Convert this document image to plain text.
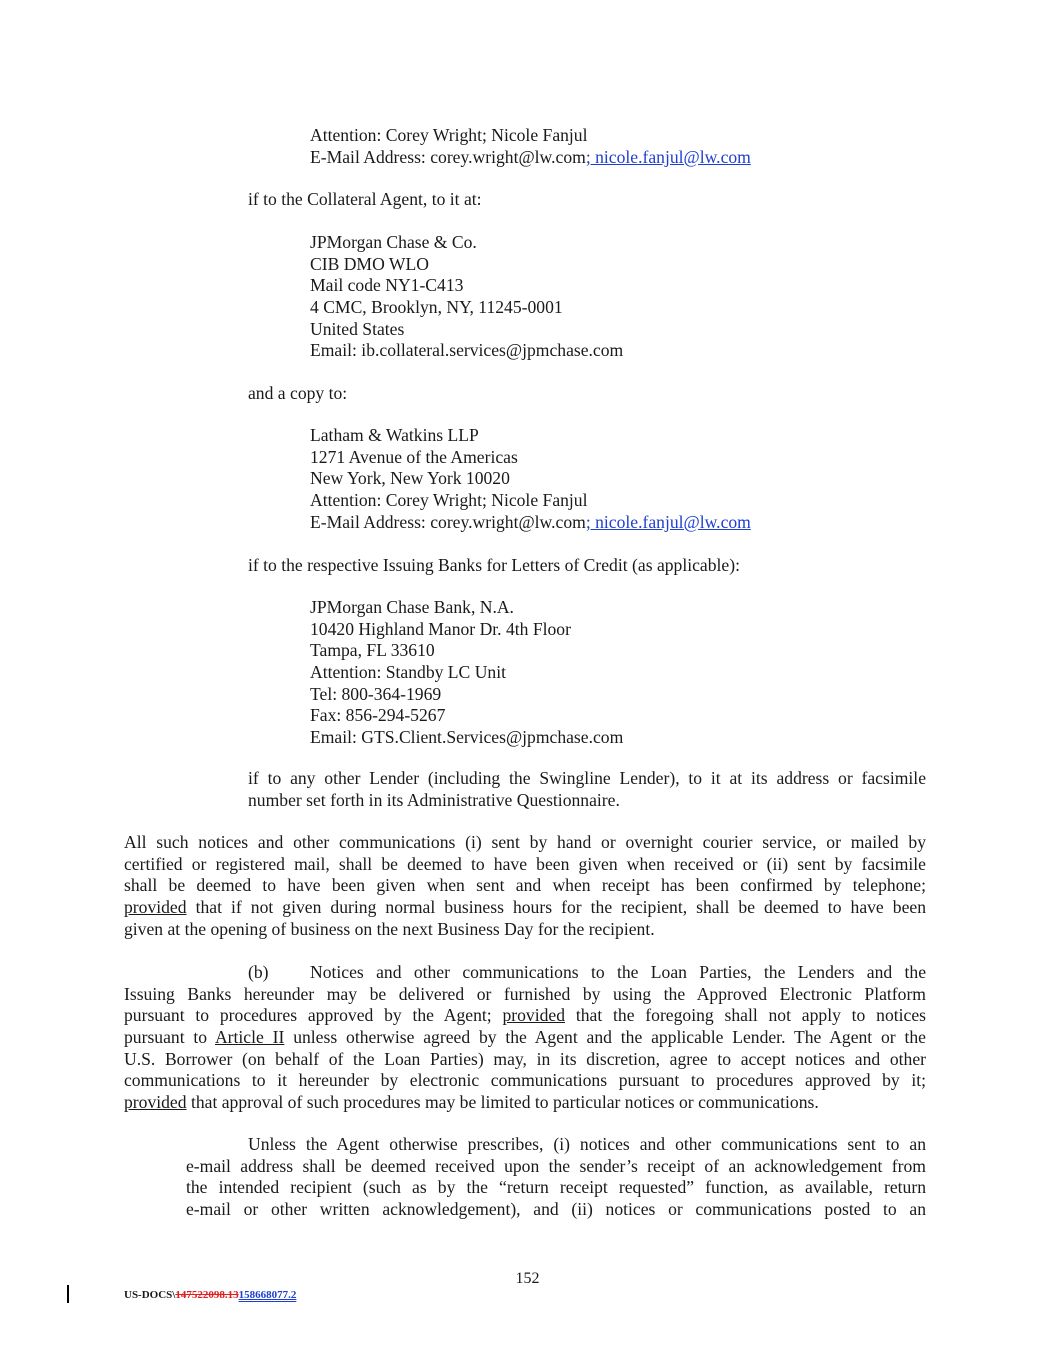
Attention: Corey Wright; Nicole Fanjul
E-Mail Address: corey.wright@lw.com; nicole.fanjul@lw.com
if to the Collateral Agent, to it at:
JPMorgan Chase & Co.
CIB DMO WLO
Mail code NY1-C413
4 CMC, Brooklyn, NY, 11245-0001
United States
Email: ib.collateral.services@jpmchase.com
and a copy to:
Latham & Watkins LLP
1271 Avenue of the Americas
New York, New York 10020
Attention: Corey Wright; Nicole Fanjul
E-Mail Address: corey.wright@lw.com; nicole.fanjul@lw.com
if to the respective Issuing Banks for Letters of Credit (as applicable):
JPMorgan Chase Bank, N.A.
10420 Highland Manor Dr. 4th Floor
Tampa, FL 33610
Attention: Standby LC Unit
Tel: 800-364-1969
Fax: 856-294-5267
Email: GTS.Client.Services@jpmchase.com
if to any other Lender (including the Swingline Lender), to it at its address or facsimile
number set forth in its Administrative Questionnaire.
All such notices and other communications (i) sent by hand or overnight courier service, or mailed by
certified or registered mail, shall be deemed to have been given when received or (ii) sent by facsimile
shall be deemed to have been given when sent and when receipt has been confirmed by telephone;
provided that if not given during normal business hours for the recipient, shall be deemed to have been
given at the opening of business on the next Business Day for the recipient.
(b) Notices and other communications to the Loan Parties, the Lenders and the
Issuing Banks hereunder may be delivered or furnished by using the Approved Electronic Platform
pursuant to procedures approved by the Agent; provided that the foregoing shall not apply to notices
pursuant to Article II unless otherwise agreed by the Agent and the applicable Lender. The Agent or the
U.S. Borrower (on behalf of the Loan Parties) may, in its discretion, agree to accept notices and other
communications to it hereunder by electronic communications pursuant to procedures approved by it;
provided that approval of such procedures may be limited to particular notices or communications.
Unless the Agent otherwise prescribes, (i) notices and other communications sent to an
e-mail address shall be deemed received upon the sender’s receipt of an acknowledgement from
the intended recipient (such as by the “return receipt requested” function, as available, return
e-mail or other written acknowledgement), and (ii) notices or communications posted to an
152
US-DOCS\147522098.13158668077.2
